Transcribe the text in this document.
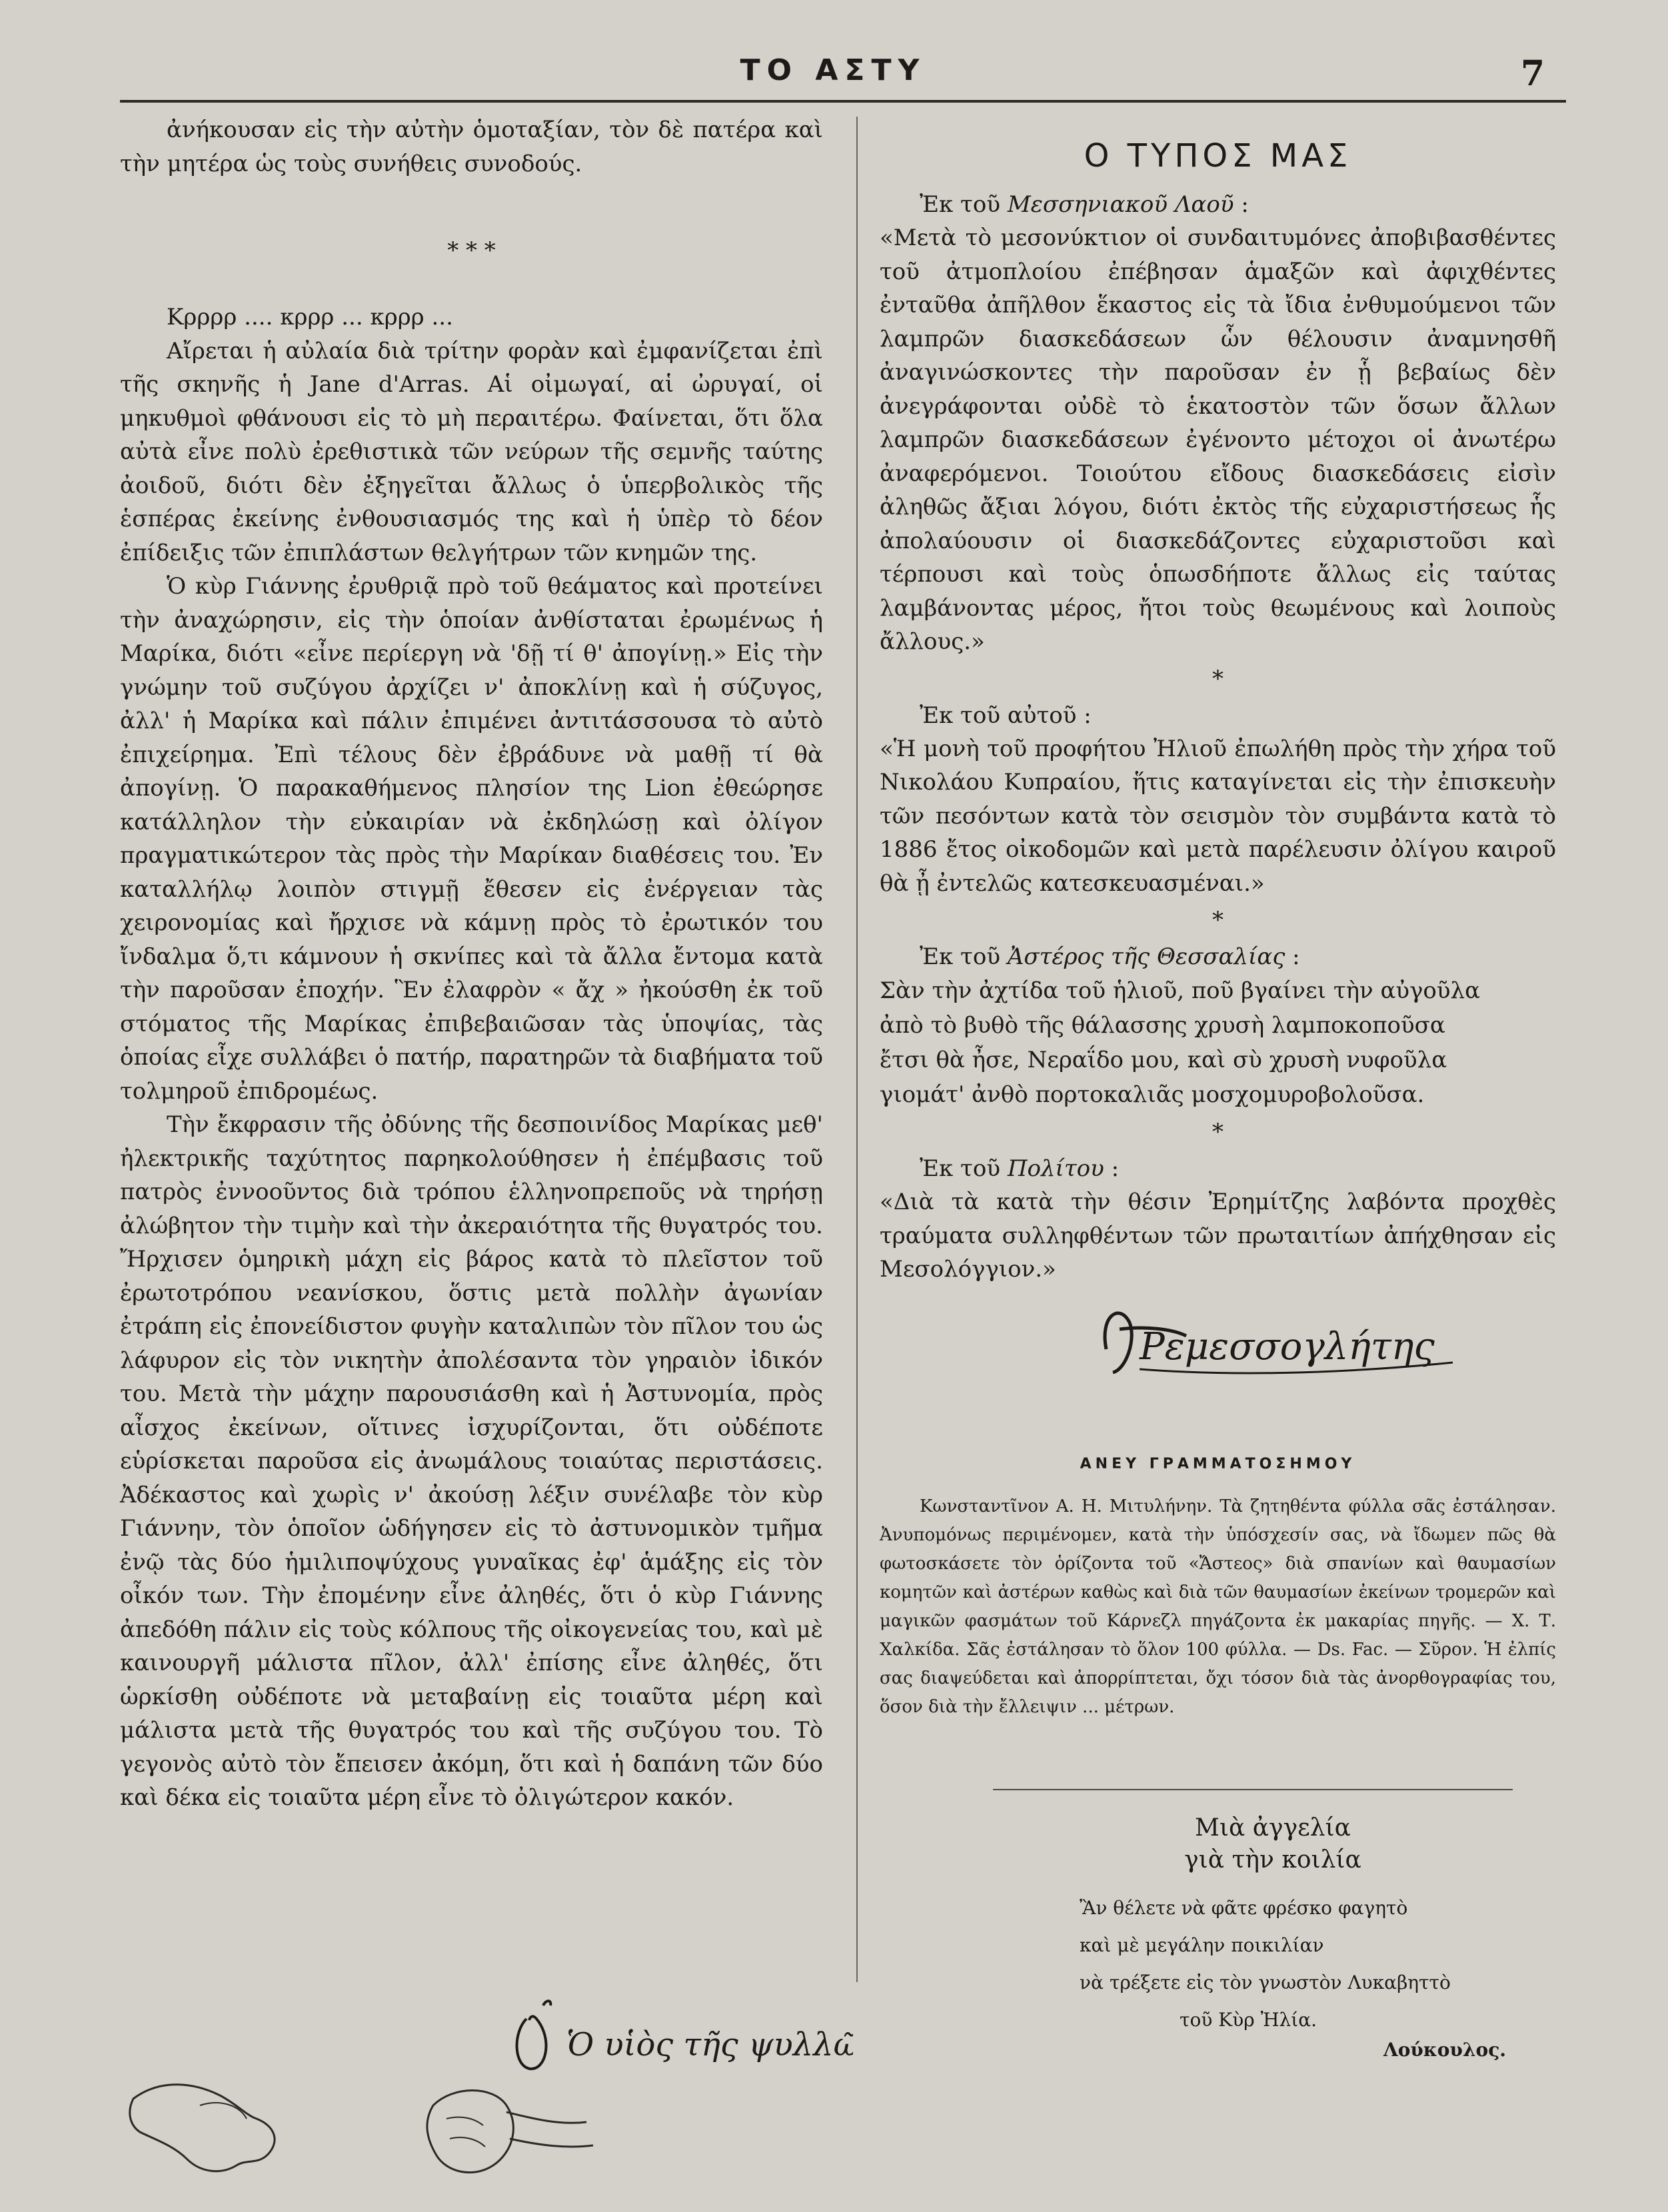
ΤΟ ΑΣΤΥ	7

ἀνήκουσαν εἰς τὴν αὐτὴν ὁμοταξίαν, τὸν δὲ πατέρα καὶ τὴν μητέρα ὡς τοὺς συνήθεις συνοδούς.

* * *

Κρρρρ .... κρρρ ... κρρρ ...

Αἴρεται ἡ αὐλαία διὰ τρίτην φορὰν καὶ ἐμφανίζεται ἐπὶ τῆς σκηνῆς ἡ Jane d'Arras. Αἱ οἰμωγαί, αἱ ὠρυγαί, οἱ μηκυθμοὶ φθάνουσι εἰς τὸ μὴ περαιτέρω. Φαίνεται, ὅτι ὅλα αὐτὰ εἶνε πολὺ ἐρεθιστικὰ τῶν νεύρων τῆς σεμνῆς ταύτης ἀοιδοῦ, διότι δὲν ἐξηγεῖται ἄλλως ὁ ὑπερβολικὸς τῆς ἑσπέρας ἐκείνης ἐνθουσιασμός της καὶ ἡ ὑπὲρ τὸ δέον ἐπίδειξις τῶν ἐπιπλάστων θελγήτρων τῶν κνημῶν της.

Ὁ κὺρ Γιάννης ἐρυθριᾷ πρὸ τοῦ θεάματος καὶ προτείνει τὴν ἀναχώρησιν, εἰς τὴν ὁποίαν ἀνθίσταται ἐρωμένως ἡ Μαρίκα, διότι «εἶνε περίεργη νὰ 'δῇ τί θ' ἀπογίνῃ.» Εἰς τὴν γνώμην τοῦ συζύγου ἀρχίζει ν' ἀποκλίνῃ καὶ ἡ σύζυγος, ἀλλ' ἡ Μαρίκα καὶ πάλιν ἐπιμένει ἀντιτάσσουσα τὸ αὐτὸ ἐπιχείρημα. Ἐπὶ τέλους δὲν ἐβράδυνε νὰ μαθῇ τί θὰ ἀπογίνῃ. Ὁ παρακαθήμενος πλησίον της Lion ἐθεώρησε κατάλληλον τὴν εὐκαιρίαν νὰ ἐκδηλώσῃ καὶ ὀλίγον πραγματικώτερον τὰς πρὸς τὴν Μαρίκαν διαθέσεις του. Ἐν καταλλήλῳ λοιπὸν στιγμῇ ἔθεσεν εἰς ἐνέργειαν τὰς χειρονομίας καὶ ἤρχισε νὰ κάμνῃ πρὸς τὸ ἐρωτικόν του ἴνδαλμα ὅ,τι κάμνουν ἡ σκνίπες καὶ τὰ ἄλλα ἔντομα κατὰ τὴν παροῦσαν ἐποχήν. Ἓν ἐλαφρὸν « ἄχ » ἠκούσθη ἐκ τοῦ στόματος τῆς Μαρίκας ἐπιβεβαιῶσαν τὰς ὑποψίας, τὰς ὁποίας εἶχε συλλάβει ὁ πατήρ, παρατηρῶν τὰ διαβήματα τοῦ τολμηροῦ ἐπιδρομέως.

Τὴν ἔκφρασιν τῆς ὀδύνης τῆς δεσποινίδος Μαρίκας μεθ' ἠλεκτρικῆς ταχύτητος παρηκολούθησεν ἡ ἐπέμβασις τοῦ πατρὸς ἐννοοῦντος διὰ τρόπου ἑλληνοπρεποῦς νὰ τηρήσῃ ἀλώβητον τὴν τιμὴν καὶ τὴν ἀκεραιότητα τῆς θυγατρός του. Ἤρχισεν ὁμηρικὴ μάχη εἰς βάρος κατὰ τὸ πλεῖστον τοῦ ἐρωτοτρόπου νεανίσκου, ὅστις μετὰ πολλὴν ἀγωνίαν ἐτράπη εἰς ἐπονείδιστον φυγὴν καταλιπὼν τὸν πῖλον του ὡς λάφυρον εἰς τὸν νικητὴν ἀπολέσαντα τὸν γηραιὸν ἰδικόν του. Μετὰ τὴν μάχην παρουσιάσθη καὶ ἡ Ἀστυνομία, πρὸς αἶσχος ἐκείνων, οἵτινες ἰσχυρίζονται, ὅτι οὐδέποτε εὑρίσκεται παροῦσα εἰς ἀνωμάλους τοιαύτας περιστάσεις. Ἀδέκαστος καὶ χωρὶς ν' ἀκούσῃ λέξιν συνέλαβε τὸν κὺρ Γιάννην, τὸν ὁποῖον ὡδήγησεν εἰς τὸ ἀστυνομικὸν τμῆμα ἐνῷ τὰς δύο ἡμιλιποψύχους γυναῖκας ἐφ' ἁμάξης εἰς τὸν οἶκόν των. Τὴν ἐπομένην εἶνε ἀληθές, ὅτι ὁ κὺρ Γιάννης ἀπεδόθη πάλιν εἰς τοὺς κόλπους τῆς οἰκογενείας του, καὶ μὲ καινουργῆ μάλιστα πῖλον, ἀλλ' ἐπίσης εἶνε ἀληθές, ὅτι ὡρκίσθη οὐδέποτε νὰ μεταβαίνῃ εἰς τοιαῦτα μέρη καὶ μάλιστα μετὰ τῆς θυγατρός του καὶ τῆς συζύγου του. Τὸ γεγονὸς αὐτὸ τὸν ἔπεισεν ἀκόμη, ὅτι καὶ ἡ δαπάνη τῶν δύο καὶ δέκα εἰς τοιαῦτα μέρη εἶνε τὸ ὀλιγώτερον κακόν.

Ὁ υἱὸς τῆς ψυλλῶς
Ο ΤΥΠΟΣ ΜΑΣ

Ἐκ τοῦ Μεσσηνιακοῦ Λαοῦ :

«Μετὰ τὸ μεσονύκτιον οἱ συνδαιτυμόνες ἀποβιβασθέντες τοῦ ἀτμοπλοίου ἐπέβησαν ἁμαξῶν καὶ ἀφιχθέντες ἐνταῦθα ἀπῆλθον ἕκαστος εἰς τὰ ἴδια ἐνθυμούμενοι τῶν λαμπρῶν διασκεδάσεων ὧν θέλουσιν ἀναμνησθῆ ἀναγινώσκοντες τὴν παροῦσαν ἐν ᾗ βεβαίως δὲν ἀνεγράφονται οὐδὲ τὸ ἑκατοστὸν τῶν ὅσων ἄλλων λαμπρῶν διασκεδάσεων ἐγένοντο μέτοχοι οἱ ἀνωτέρω ἀναφερόμενοι. Τοιούτου εἴδους διασκεδάσεις εἰσὶν ἀληθῶς ἄξιαι λόγου, διότι ἐκτὸς τῆς εὐχαριστήσεως ἧς ἀπολαύουσιν οἱ διασκεδάζοντες εὐχαριστοῦσι καὶ τέρπουσι καὶ τοὺς ὁπωσδήποτε ἄλλως εἰς ταύτας λαμβάνοντας μέρος, ἤτοι τοὺς θεωμένους καὶ λοιποὺς ἄλλους.»

*

Ἐκ τοῦ αὐτοῦ :

«Ἡ μονὴ τοῦ προφήτου Ἠλιοῦ ἐπωλήθη πρὸς τὴν χήρα τοῦ Νικολάου Κυπραίου, ἥτις καταγίνεται εἰς τὴν ἐπισκευὴν τῶν πεσόντων κατὰ τὸν σεισμὸν τὸν συμβάντα κατὰ τὸ 1886 ἔτος οἰκοδομῶν καὶ μετὰ παρέλευσιν ὀλίγου καιροῦ θὰ ᾖ ἐντελῶς κατεσκευασμέναι.»

*

Ἐκ τοῦ Ἀστέρος τῆς Θεσσαλίας :

Σὰν τὴν ἀχτίδα τοῦ ἡλιοῦ, ποῦ βγαίνει τὴν αὐγοῦλα

ἀπὸ τὸ βυθὸ τῆς θάλασσης χρυσὴ λαμποκοποῦσα

ἔτσι θὰ ἦσε, Νεραΐδο μου, καὶ σὺ χρυσὴ νυφοῦλα

γιομάτ' ἀνθὸ πορτοκαλιᾶς μοσχομυροβολοῦσα.

*

Ἐκ τοῦ Πολίτου :

«Διὰ τὰ κατὰ τὴν θέσιν Ἐρημίτζης λαβόντα προχθὲς τραύματα συλληφθέντων τῶν πρωταιτίων ἀπήχθησαν εἰς Μεσολόγγιον.»

Ρεμεσσογλήτης
ΑΝΕΥ ΓΡΑΜΜΑΤΟΣΗΜΟΥ

Κωνσταντῖνον Α. Η. Μιτυλήνην. Τὰ ζητηθέντα φύλλα σᾶς ἐστάλησαν. Ἀνυπομόνως περιμένομεν, κατὰ τὴν ὑπόσχεσίν σας, νὰ ἴδωμεν πῶς θὰ φωτοσκάσετε τὸν ὁρίζοντα τοῦ «Ἄστεος» διὰ σπανίων καὶ θαυμασίων κομητῶν καὶ ἀστέρων καθὼς καὶ διὰ τῶν θαυμασίων ἐκείνων τρομερῶν καὶ μαγικῶν φασμάτων τοῦ Κάρνεζλ πηγάζοντα ἐκ μακαρίας πηγῆς. — Χ. Τ. Χαλκίδα. Σᾶς ἐστάλησαν τὸ ὅλον 100 φύλλα. — Ds. Fac. — Σῦρον. Ἡ ἐλπίς σας διαψεύδεται καὶ ἀπορρίπτεται, ὄχι τόσον διὰ τὰς ἀνορθογραφίας του, ὅσον διὰ τὴν ἔλλειψιν ... μέτρων.

Μιὰ ἀγγελία
γιὰ τὴν κοιλία
Ἂν θέλετε νὰ φᾶτε φρέσκο φαγητὸ
καὶ μὲ μεγάλην ποικιλίαν
νὰ τρέξετε εἰς τὸν γνωστὸν Λυκαβηττὸ
τοῦ Κὺρ Ἠλία.
Λούκουλος.
